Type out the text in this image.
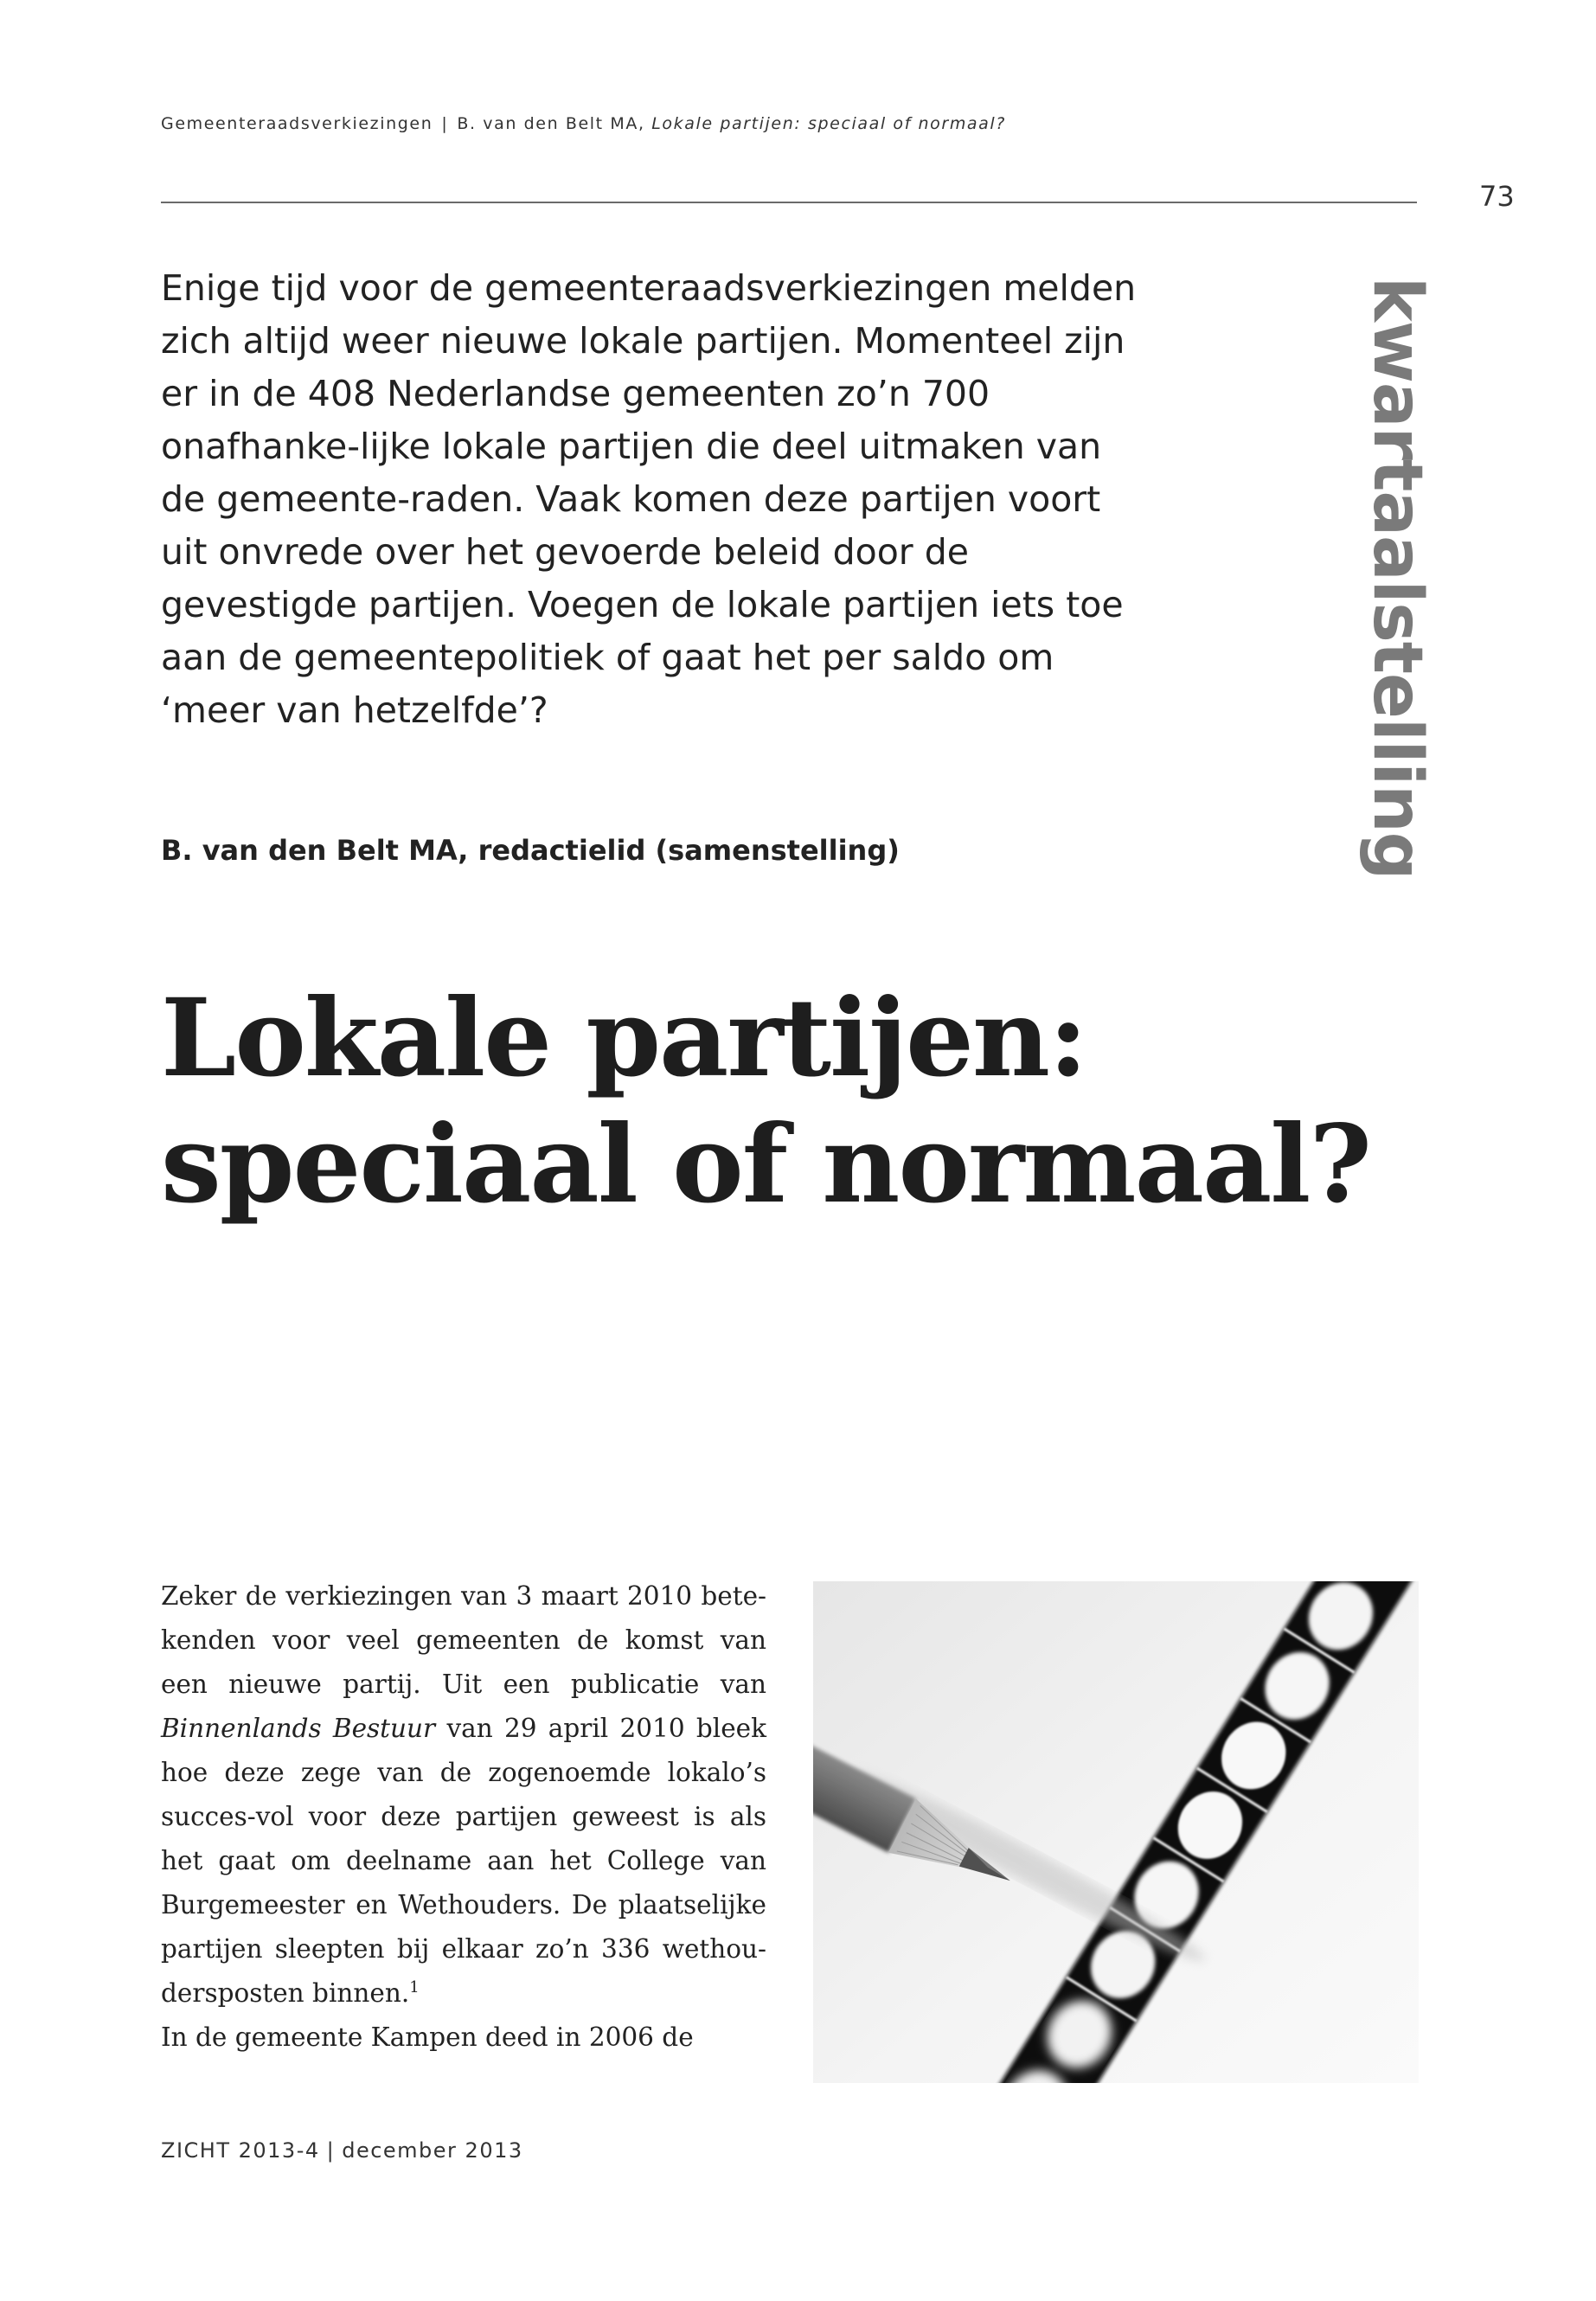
Gemeenteraadsverkiezingen | B. van den Belt MA, Lokale partijen: speciaal of normaal?
73
kwartaalstelling

Enige tijd voor de gemeenteraadsverkiezingen melden zich altijd weer nieuwe lokale partijen. Momenteel zijn er in de 408 Nederlandse gemeenten zo’n 700 onafhanke-lijke lokale partijen die deel uitmaken van de gemeente-raden. Vaak komen deze partijen voort uit onvrede over het gevoerde beleid door de gevestigde partijen. Voegen de lokale partijen iets toe aan de gemeentepolitiek of gaat het per saldo om ‘meer van hetzelfde’?

B. van den Belt MA, redactielid (samenstelling)
Lokale partijen:
speciaal of normaal?

Zeker de verkiezingen van 3 maart 2010 bete-kenden voor veel gemeenten de komst van een nieuwe partij. Uit een publicatie van Binnenlands Bestuur van 29 april 2010 bleek hoe deze zege van de zogenoemde lokalo’s succes-vol voor deze partijen geweest is als het gaat om deelname aan het College van Burgemeester en Wethouders. De plaatselijke partijen sleepten bij elkaar zo’n 336 wethou-dersposten binnen.$^1$

In de gemeente Kampen deed in 2006 de

ZICHT 2013-4 | december 2013
